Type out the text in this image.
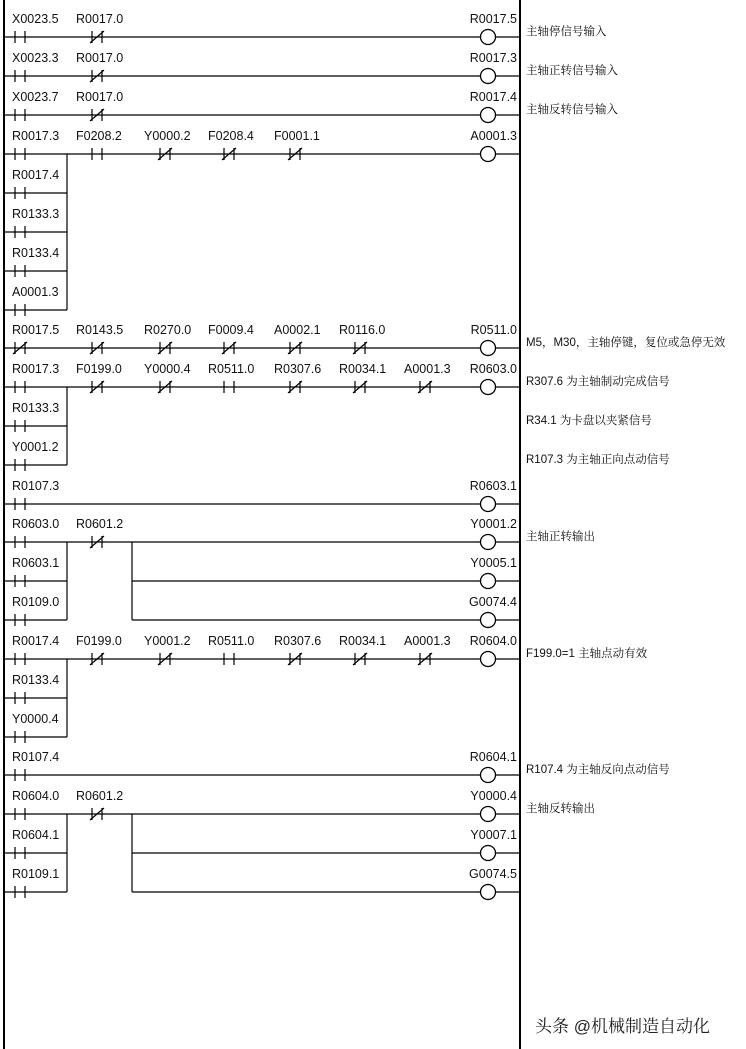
X0023.5 R0017.0	R0017.5
主轴停信号输入
X0023.3 R0017.0	R0017.3
主轴正转信号输入
X0023.7 R0017.0	R0017.4
主轴反转信号输入
R0017.3 F0208.2 Y0000.2 F0208.4 F0001.1
R0017.4
R0133.3
R0133.4
A0001.3
A0001.3
R0017.5 R0143.5 R0270.0 F0009.4 A0002.1 R0116.0	R0511.0
M5，M30，主轴停键，复位或急停无效
R0017.3 F0199.0 Y0000.4 R0511.0 R0307.6 R0034.1 A0001.3
R0133.3
Y0001.2
R0603.0
R307.6 为主轴制动完成信号
R34.1 为卡盘以夹紧信号
R107.3 为主轴正向点动信号
R0107.3	R0603.1
R0603.0 R0601.2
R0603.1
R0109.0
Y0001.2
Y0005.1
G0074.4
主轴正转输出
R0017.4 F0199.0 Y0001.2 R0511.0 R0307.6 R0034.1 A0001.3
R0133.4
Y0000.4
R0604.0
F199.0=1 主轴点动有效
R0107.4	R0604.1
R107.4 为主轴反向点动信号
R0604.0 R0601.2
R0604.1
R0109.1
Y0000.4
Y0007.1
G0074.5
主轴反转输出
头条 @机械制造自动化
